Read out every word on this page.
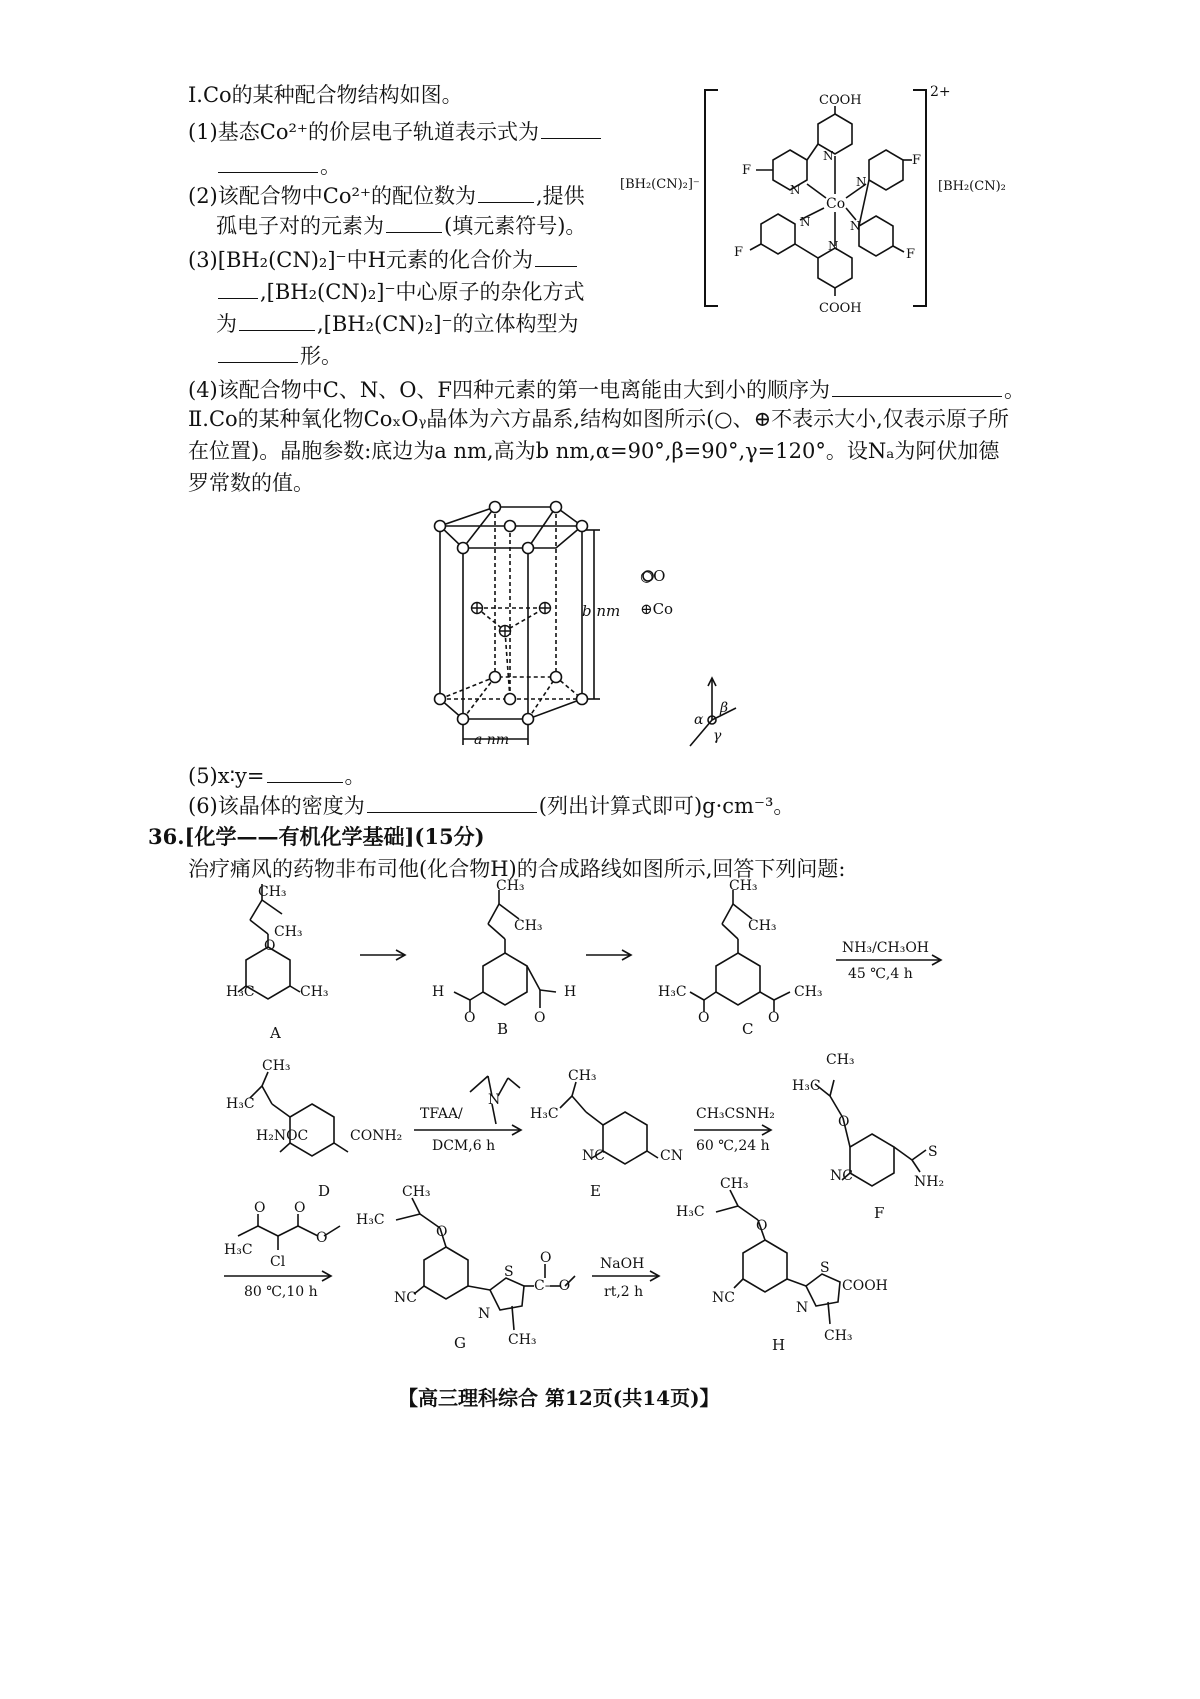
Ⅰ.Co的某种配合物结构如图。
(1)基态Co²⁺的价层电子轨道表示式为
。
(2)该配合物中Co²⁺的配位数为	,提供
孤电子对的元素为	(填元素符号)。
(3)[BH₂(CN)₂]⁻中H元素的化合价为
,[BH₂(CN)₂]⁻中心原子的杂化方式
为	,[BH₂(CN)₂]⁻的立体构型为
形。
(4)该配合物中C、N、O、F四种元素的第一电离能由大到小的顺序为	。
Ⅱ.Co的某种氧化物CoₓOᵧ晶体为六方晶系,结构如图所示(○、⊕不表示大小,仅表示原子所
在位置)。晶胞参数:底边为a nm,高为b nm,α=90°,β=90°,γ=120°。设Nₐ为阿伏加德
罗常数的值。
(5)x∶y=	。
(6)该晶体的密度为	(列出计算式即可)g·cm⁻³。
36.[化学——有机化学基础](15分)
治疗痛风的药物非布司他(化合物H)的合成路线如图所示,回答下列问题:
2+
[BH₂(CN)₂]⁻	[BH₂(CN)₂
COOH
COOH
Co
F
F
F	F
N
N
N
N	N
N
b nm
a nm
○O
⊕Co
α
β
γ
CH₃
CH₃
H₃C	CH₃
O
A
CH₃
CH₃
H	H
O	O
B
CH₃
CH₃
H₃C	CH₃
O	O
C
NH₃/CH₃OH
45 ℃,4 h
CH₃
H₃C
H₂NOC	CONH₂
D
TFAA/
N
DCM,6 h
CH₃
H₃C
NC	CN
E
CH₃CSNH₂
60 ℃,24 h
CH₃
H₃C
O
NC
S
NH₂
F
H₃C
O O
O
Cl
80 ℃,10 h
CH₃
H₃C
O
NC
S
N
C—O
O
CH₃
G
NaOH
rt,2 h
CH₃
H₃C
O
NC
S
N
COOH
CH₃
H
【高三理科综合 第12页(共14页)】
